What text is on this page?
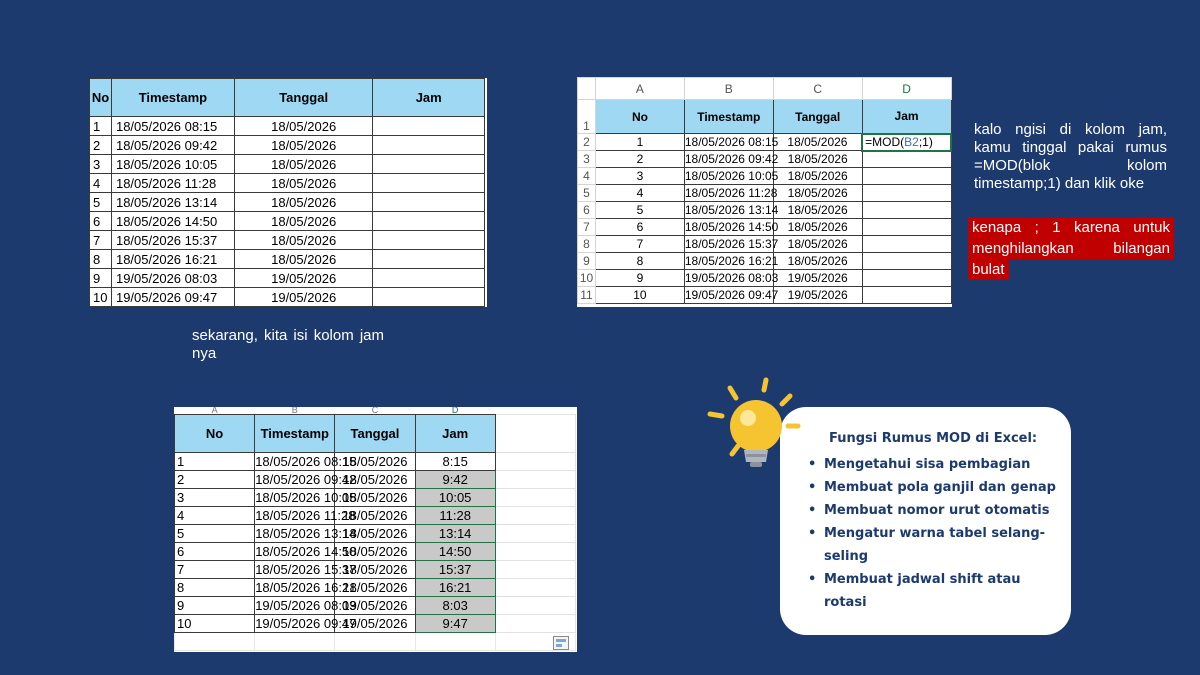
No	Timestamp	Tanggal	Jam
1	18/05/2026 08:15	18/05/2026	
2	18/05/2026 09:42	18/05/2026	
3	18/05/2026 10:05	18/05/2026	
4	18/05/2026 11:28	18/05/2026	
5	18/05/2026 13:14	18/05/2026	
6	18/05/2026 14:50	18/05/2026	
7	18/05/2026 15:37	18/05/2026	
8	18/05/2026 16:21	18/05/2026	
9	19/05/2026 08:03	19/05/2026	
10	19/05/2026 09:47	19/05/2026	
	A	B	C	D
1	No	Timestamp	Tanggal	Jam
2	1	18/05/2026 08:15	18/05/2026	=MOD(B2;1)
3	2	18/05/2026 09:42	18/05/2026	
4	3	18/05/2026 10:05	18/05/2026	
5	4	18/05/2026 11:28	18/05/2026	
6	5	18/05/2026 13:14	18/05/2026	
7	6	18/05/2026 14:50	18/05/2026	
8	7	18/05/2026 15:37	18/05/2026	
9	8	18/05/2026 16:21	18/05/2026	
10	9	19/05/2026 08:03	19/05/2026	
11	10	19/05/2026 09:47	19/05/2026	
A	B	C	D	
No	Timestamp	Tanggal	Jam	
1	18/05/2026 08:15	18/05/2026	8:15	
2	18/05/2026 09:42	18/05/2026	9:42	
3	18/05/2026 10:05	18/05/2026	10:05	
4	18/05/2026 11:28	18/05/2026	11:28	
5	18/05/2026 13:14	18/05/2026	13:14	
6	18/05/2026 14:50	18/05/2026	14:50	
7	18/05/2026 15:37	18/05/2026	15:37	
8	18/05/2026 16:21	18/05/2026	16:21	
9	19/05/2026 08:03	19/05/2026	8:03	
10	19/05/2026 09:47	19/05/2026	9:47	

sekarang, kita isi kolom jam nya

kalo ngisi di kolom jam, kamu tinggal pakai rumus =MOD(blok kolom timestamp;1) dan klik oke

kenapa ; 1 karena untuk menghilangkan bilangan bulat

Fungsi Rumus MOD di Excel:
• Mengetahui sisa pembagian
• Membuat pola ganjil dan genap
• Membuat nomor urut otomatis
• Mengatur warna tabel selang-seling
• Membuat jadwal shift atau rotasi
